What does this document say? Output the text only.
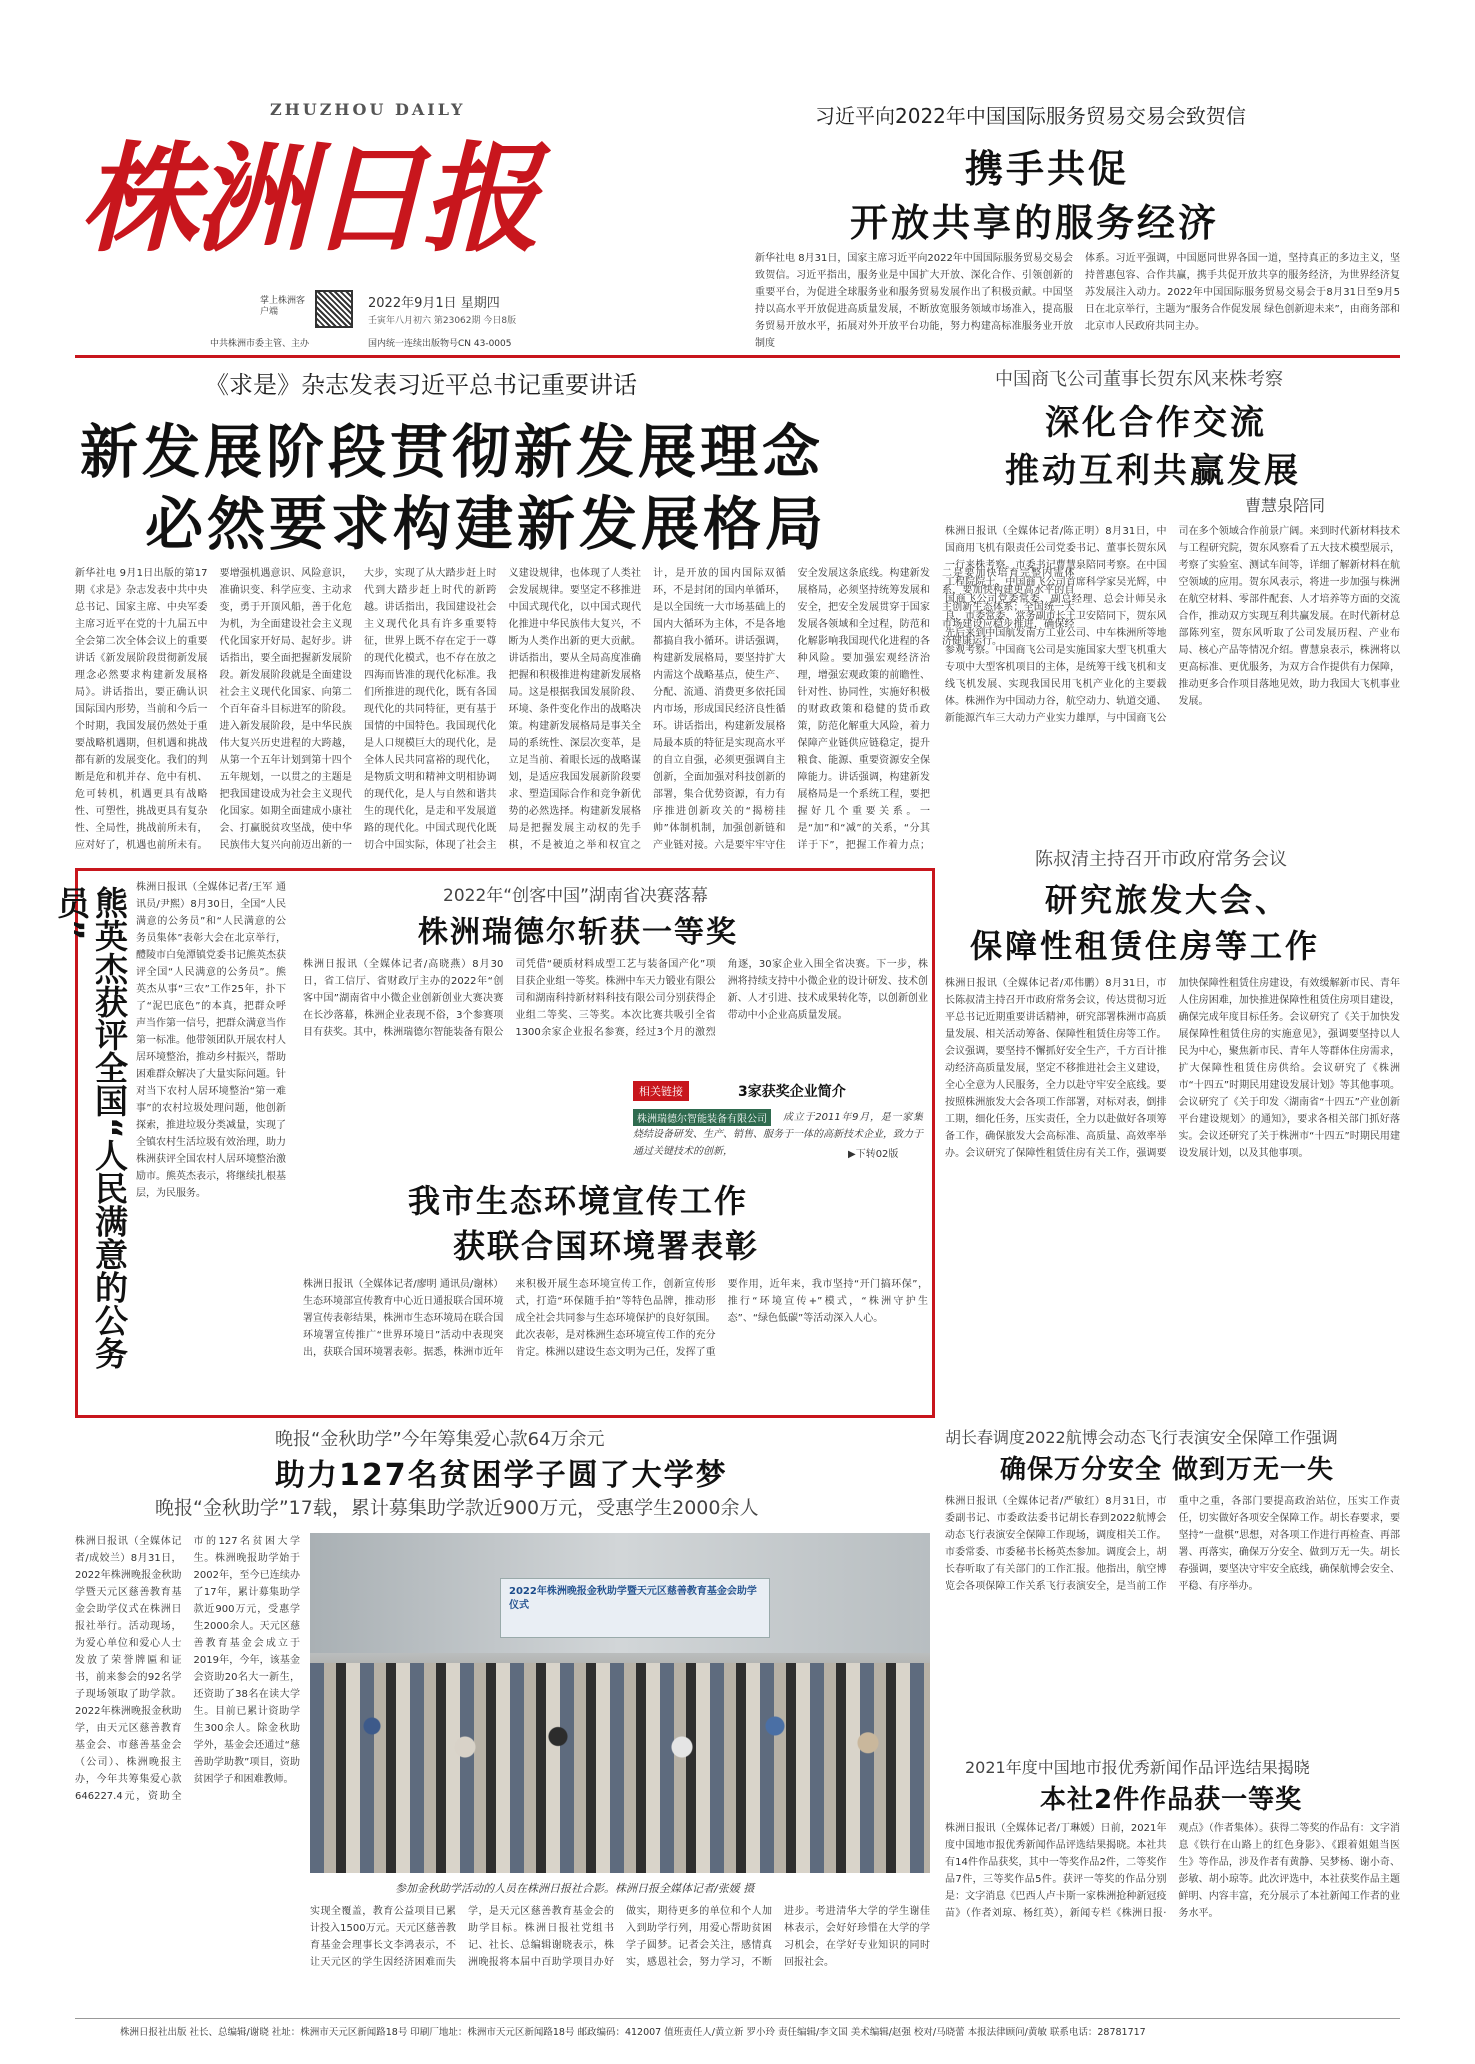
ZHUZHOU DAILY
株洲日报
掌上株洲客户端
2022年9月1日 星期四
壬寅年八月初六 第23062期 今日8版
中共株洲市委主管、主办	国内统一连续出版物号CN 43-0005
习近平向2022年中国国际服务贸易交易会致贺信
携手共促
开放共享的服务经济
新华社电 8月31日，国家主席习近平向2022年中国国际服务贸易交易会致贺信。习近平指出，服务业是中国扩大开放、深化合作、引领创新的重要平台，为促进全球服务业和服务贸易发展作出了积极贡献。中国坚持以高水平开放促进高质量发展，不断放宽服务领域市场准入，提高服务贸易开放水平，拓展对外开放平台功能，努力构建高标准服务业开放制度
体系。习近平强调，中国愿同世界各国一道，坚持真正的多边主义，坚持普惠包容、合作共赢，携手共促开放共享的服务经济，为世界经济复苏发展注入动力。2022年中国国际服务贸易交易会于8月31日至9月5日在北京举行，主题为“服务合作促发展 绿色创新迎未来”，由商务部和北京市人民政府共同主办。
《求是》杂志发表习近平总书记重要讲话
新发展阶段贯彻新发展理念
必然要求构建新发展格局
新华社电 9月1日出版的第17期《求是》杂志发表中共中央总书记、国家主席、中央军委主席习近平在党的十九届五中全会第二次全体会议上的重要讲话《新发展阶段贯彻新发展理念必然要求构建新发展格局》。讲话指出，要正确认识国际国内形势，当前和今后一个时期，我国发展仍然处于重要战略机遇期，但机遇和挑战都有新的发展变化。我们的判断是危和机并存、危中有机、危可转机，机遇更具有战略性、可塑性，挑战更具有复杂性、全局性，挑战前所未有，应对好了，机遇也前所未有。要增强机遇意识、风险意识，准确识变、科学应变、主动求变，勇于开顶风船，善于化危为机，为全面建设社会主义现代化国家开好局、起好步。讲话指出，要全面把握新发展阶段。新发展阶段就是全面建设社会主义现代化国家、向第二个百年奋斗目标进军的阶段。进入新发展阶段，是中华民族伟大复兴历史进程的大跨越，从第一个五年计划到第十四个五年规划，一以贯之的主题是把我国建设成为社会主义现代化国家。如期全面建成小康社会、打赢脱贫攻坚战，使中华民族伟大复兴向前迈出新的一大步，实现了从大踏步赶上时代到大踏步赶上时代的新跨越。讲话指出，我国建设社会主义现代化具有许多重要特征，世界上既不存在定于一尊的现代化模式，也不存在放之四海而皆准的现代化标准。我们所推进的现代化，既有各国现代化的共同特征，更有基于国情的中国特色。我国现代化是人口规模巨大的现代化，是全体人民共同富裕的现代化，是物质文明和精神文明相协调的现代化，是人与自然和谐共生的现代化，是走和平发展道路的现代化。中国式现代化既切合中国实际，体现了社会主义建设规律，也体现了人类社会发展规律。要坚定不移推进中国式现代化，以中国式现代化推进中华民族伟大复兴，不断为人类作出新的更大贡献。讲话指出，要从全局高度准确把握和积极推进构建新发展格局。这是根据我国发展阶段、环境、条件变化作出的战略决策。构建新发展格局是事关全局的系统性、深层次变革，是立足当前、着眼长远的战略谋划，是适应我国发展新阶段要求、塑造国际合作和竞争新优势的必然选择。构建新发展格局是把握发展主动权的先手棋，不是被迫之举和权宜之计，是开放的国内国际双循环，不是封闭的国内单循环，是以全国统一大市场基础上的国内大循环为主体，不是各地都搞自我小循环。讲话强调，构建新发展格局，要坚持扩大内需这个战略基点，使生产、分配、流通、消费更多依托国内市场，形成国民经济良性循环。讲话指出，构建新发展格局最本质的特征是实现高水平的自立自强，必须更强调自主创新，全面加强对科技创新的部署，集合优势资源，有力有序推进创新攻关的“揭榜挂帅”体制机制，加强创新链和产业链对接。六是要牢牢守住安全发展这条底线。构建新发展格局，必须坚持统筹发展和安全，把安全发展贯穿于国家发展各领域和全过程，防范和化解影响我国现代化进程的各种风险。要加强宏观经济治理，增强宏观政策的前瞻性、针对性、协同性，实施好积极的财政政策和稳健的货币政策，防范化解重大风险，着力保障产业链供应链稳定，提升粮食、能源、重要资源安全保障能力。讲话强调，构建新发展格局是一个系统工程，要把握好几个重要关系。一是“加”和“减”的关系，“分其详于下”，把握工作着力点；二是要加快培育完整内需体系，要加快构建更高水平的自主创新生态体系；全国统一大市场建设应稳步推进，确保经济健康运行。
中国商飞公司董事长贺东风来株考察
深化合作交流
推动互利共赢发展
曹慧泉陪同
株洲日报讯（全媒体记者/陈正明）8月31日，中国商用飞机有限责任公司党委书记、董事长贺东风一行来株考察。市委书记曹慧泉陪同考察。在中国工程院院士、中国商飞公司首席科学家吴光辉，中国商飞公司党委常委、副总经理、总会计师吴永良，市委常委、常务副市长王卫安陪同下，贺东风先后来到中国航发南方工业公司、中车株洲所等地参观考察。中国商飞公司是实施国家大型飞机重大专项中大型客机项目的主体，是统筹干线飞机和支线飞机发展、实现我国民用飞机产业化的主要载体。株洲作为中国动力谷，航空动力、轨道交通、新能源汽车三大动力产业实力雄厚，与中国商飞公司在多个领域合作前景广阔。来到时代新材料技术与工程研究院，贺东风察看了五大技术模型展示，考察了实验室、测试车间等，详细了解新材料在航空领域的应用。贺东风表示，将进一步加强与株洲在航空材料、零部件配套、人才培养等方面的交流合作，推动双方实现互利共赢发展。在时代新材总部陈列室，贺东风听取了公司发展历程、产业布局、核心产品等情况介绍。曹慧泉表示，株洲将以更高标准、更优服务，为双方合作提供有力保障，推动更多合作项目落地见效，助力我国大飞机事业发展。
陈叔清主持召开市政府常务会议
研究旅发大会、
保障性租赁住房等工作
株洲日报讯（全媒体记者/邓伟鹏）8月31日，市长陈叔清主持召开市政府常务会议，传达贯彻习近平总书记近期重要讲话精神，研究部署株洲市高质量发展、相关活动筹备、保障性租赁住房等工作。会议强调，要坚持不懈抓好安全生产，千方百计推动经济高质量发展，坚定不移推进社会主义建设，全心全意为人民服务，全力以赴守牢安全底线。要按照株洲旅发大会各项工作部署，对标对表，倒排工期，细化任务，压实责任，全力以赴做好各项筹备工作，确保旅发大会高标准、高质量、高效率举办。会议研究了保障性租赁住房有关工作，强调要加快保障性租赁住房建设，有效缓解新市民、青年人住房困难，加快推进保障性租赁住房项目建设，确保完成年度目标任务。会议研究了《关于加快发展保障性租赁住房的实施意见》，强调要坚持以人民为中心，聚焦新市民、青年人等群体住房需求，扩大保障性租赁住房供给。会议研究了《株洲市“十四五”时期民用建设发展计划》等其他事项。会议研究了《关于印发〈湖南省“十四五”产业创新平台建设规划〉的通知》，要求各相关部门抓好落实。会议还研究了关于株洲市“十四五”时期民用建设发展计划，以及其他事项。
熊英杰获评全国“人民满意的公务员”	株洲日报讯（全媒体记者/王军 通讯员/尹熙）8月30日，全国“人民满意的公务员”和“人民满意的公务员集体”表彰大会在北京举行，醴陵市白兔潭镇党委书记熊英杰获评全国“人民满意的公务员”。熊英杰从事“三农”工作25年，扑下了“泥巴底色”的本真，把群众呼声当作第一信号，把群众满意当作第一标准。他带领团队开展农村人居环境整治，推动乡村振兴，帮助困难群众解决了大量实际问题。针对当下农村人居环境整治“第一难事”的农村垃圾处理问题，他创新探索，推进垃圾分类减量，实现了全镇农村生活垃圾有效治理，助力株洲获评全国农村人居环境整治激励市。熊英杰表示，将继续扎根基层，为民服务。
2022年“创客中国”湖南省决赛落幕
株洲瑞德尔斩获一等奖
株洲日报讯（全媒体记者/高晓燕）8月30日，省工信厅、省财政厅主办的2022年“创客中国”湖南省中小微企业创新创业大赛决赛在长沙落幕，株洲企业表现不俗，3个参赛项目有获奖。其中，株洲瑞德尔智能装备有限公司凭借“硬质材料成型工艺与装备国产化”项目获企业组一等奖。株洲中车天力锻业有限公司和湖南科持新材料科技有限公司分别获得企业组二等奖、三等奖。本次比赛共吸引全省1300余家企业报名参赛，经过3个月的激烈角逐，30家企业入围全省决赛。下一步，株洲将持续支持中小微企业的设计研发、技术创新、人才引进、技术成果转化等，以创新创业带动中小企业高质量发展。
相关链接	3家获奖企业简介
株洲瑞德尔智能装备有限公司	成立于2011年9月，是一家集烧结设备研发、生产、销售、服务于一体的高新技术企业，致力于通过关键技术的创新，	▶下转02版
我市生态环境宣传工作
获联合国环境署表彰
株洲日报讯（全媒体记者/廖明 通讯员/谢林）生态环境部宣传教育中心近日通报联合国环境署宣传表彰结果，株洲市生态环境局在联合国环境署宣传推广“世界环境日”活动中表现突出，获联合国环境署表彰。据悉，株洲市近年来积极开展生态环境宣传工作，创新宣传形式，打造“环保随手拍”等特色品牌，推动形成全社会共同参与生态环境保护的良好氛围。此次表彰，是对株洲生态环境宣传工作的充分肯定。株洲以建设生态文明为己任，发挥了重要作用，近年来，我市坚持“开门搞环保”，推行“环境宣传+”模式，“株洲守护生态”、“绿色低碳”等活动深入人心。
晚报“金秋助学”今年筹集爱心款64万余元
助力127名贫困学子圆了大学梦
晚报“金秋助学”17载，累计募集助学款近900万元，受惠学生2000余人
株洲日报讯（全媒体记者/成姣兰）8月31日，2022年株洲晚报金秋助学暨天元区慈善教育基金会助学仪式在株洲日报社举行。活动现场，为爱心单位和爱心人士发放了荣誉牌匾和证书，前来参会的92名学子现场领取了助学款。2022年株洲晚报金秋助学，由天元区慈善教育基金会、市慈善基金会（公司）、株洲晚报主办，今年共筹集爱心款646227.4元，资助全市的127名贫困大学生。株洲晚报助学始于2002年，至今已连续办了17年，累计募集助学款近900万元，受惠学生2000余人。天元区慈善教育基金会成立于2019年，今年，该基金会资助20名大一新生，还资助了38名在读大学生。目前已累计资助学生300余人。除金秋助学外，基金会还通过“慈善助学助教”项目，资助贫困学子和困难教师。
2022年株洲晚报金秋助学暨天元区慈善教育基金会助学仪式
参加金秋助学活动的人员在株洲日报社合影。株洲日报全媒体记者/张媛 摄
实现全覆盖，教育公益项目已累计投入1500万元。天元区慈善教育基金会理事长文李鸿表示，不让天元区的学生因经济困难而失学，是天元区慈善教育基金会的助学目标。株洲日报社党组书记、社长、总编辑谢晓表示，株洲晚报将本届中百助学项目办好做实，期待更多的单位和个人加入到助学行列，用爱心帮助贫困学子圆梦。记者会关注，感情真实，感恩社会，努力学习，不断进步。考进清华大学的学生谢佳林表示，会好好珍惜在大学的学习机会，在学好专业知识的同时回报社会。
胡长春调度2022航博会动态飞行表演安全保障工作强调
确保万分安全 做到万无一失
株洲日报讯（全媒体记者/严敏红）8月31日，市委副书记、市委政法委书记胡长春到2022航博会动态飞行表演安全保障工作现场，调度相关工作。市委常委、市委秘书长杨英杰参加。调度会上，胡长春听取了有关部门的工作汇报。他指出，航空博览会各项保障工作关系飞行表演安全，是当前工作重中之重，各部门要提高政治站位，压实工作责任，切实做好各项安全保障工作。胡长春要求，要坚持“一盘棋”思想，对各项工作进行再检查、再部署、再落实，确保万分安全、做到万无一失。胡长春强调，要坚决守牢安全底线，确保航博会安全、平稳、有序举办。
2021年度中国地市报优秀新闻作品评选结果揭晓
本社2件作品获一等奖
株洲日报讯（全媒体记者/丁琳媛）日前，2021年度中国地市报优秀新闻作品评选结果揭晓。本社共有14件作品获奖，其中一等奖作品2件，二等奖作品7件，三等奖作品5件。获评一等奖的作品分别是：文字消息《巴西人卢卡斯一家株洲抢种新冠疫苗》（作者刘琼、杨红英），新闻专栏《株洲日报·观点》（作者集体）。获得二等奖的作品有：文字消息《铁行在山路上的红色身影》、《跟着姐姐当医生》等作品，涉及作者有黄静、吴梦杨、谢小奇、彭敏、胡小琼等。此次评选中，本社获奖作品主题鲜明、内容丰富，充分展示了本社新闻工作者的业务水平。
株洲日报社出版 社长、总编辑/谢晓 社址：株洲市天元区新闻路18号 印刷厂地址：株洲市天元区新闻路18号 邮政编码：412007 值班责任人/黄立新 罗小玲 责任编辑/李文国 美术编辑/赵强 校对/马晓蕾 本报法律顾问/黄敏 联系电话：28781717
